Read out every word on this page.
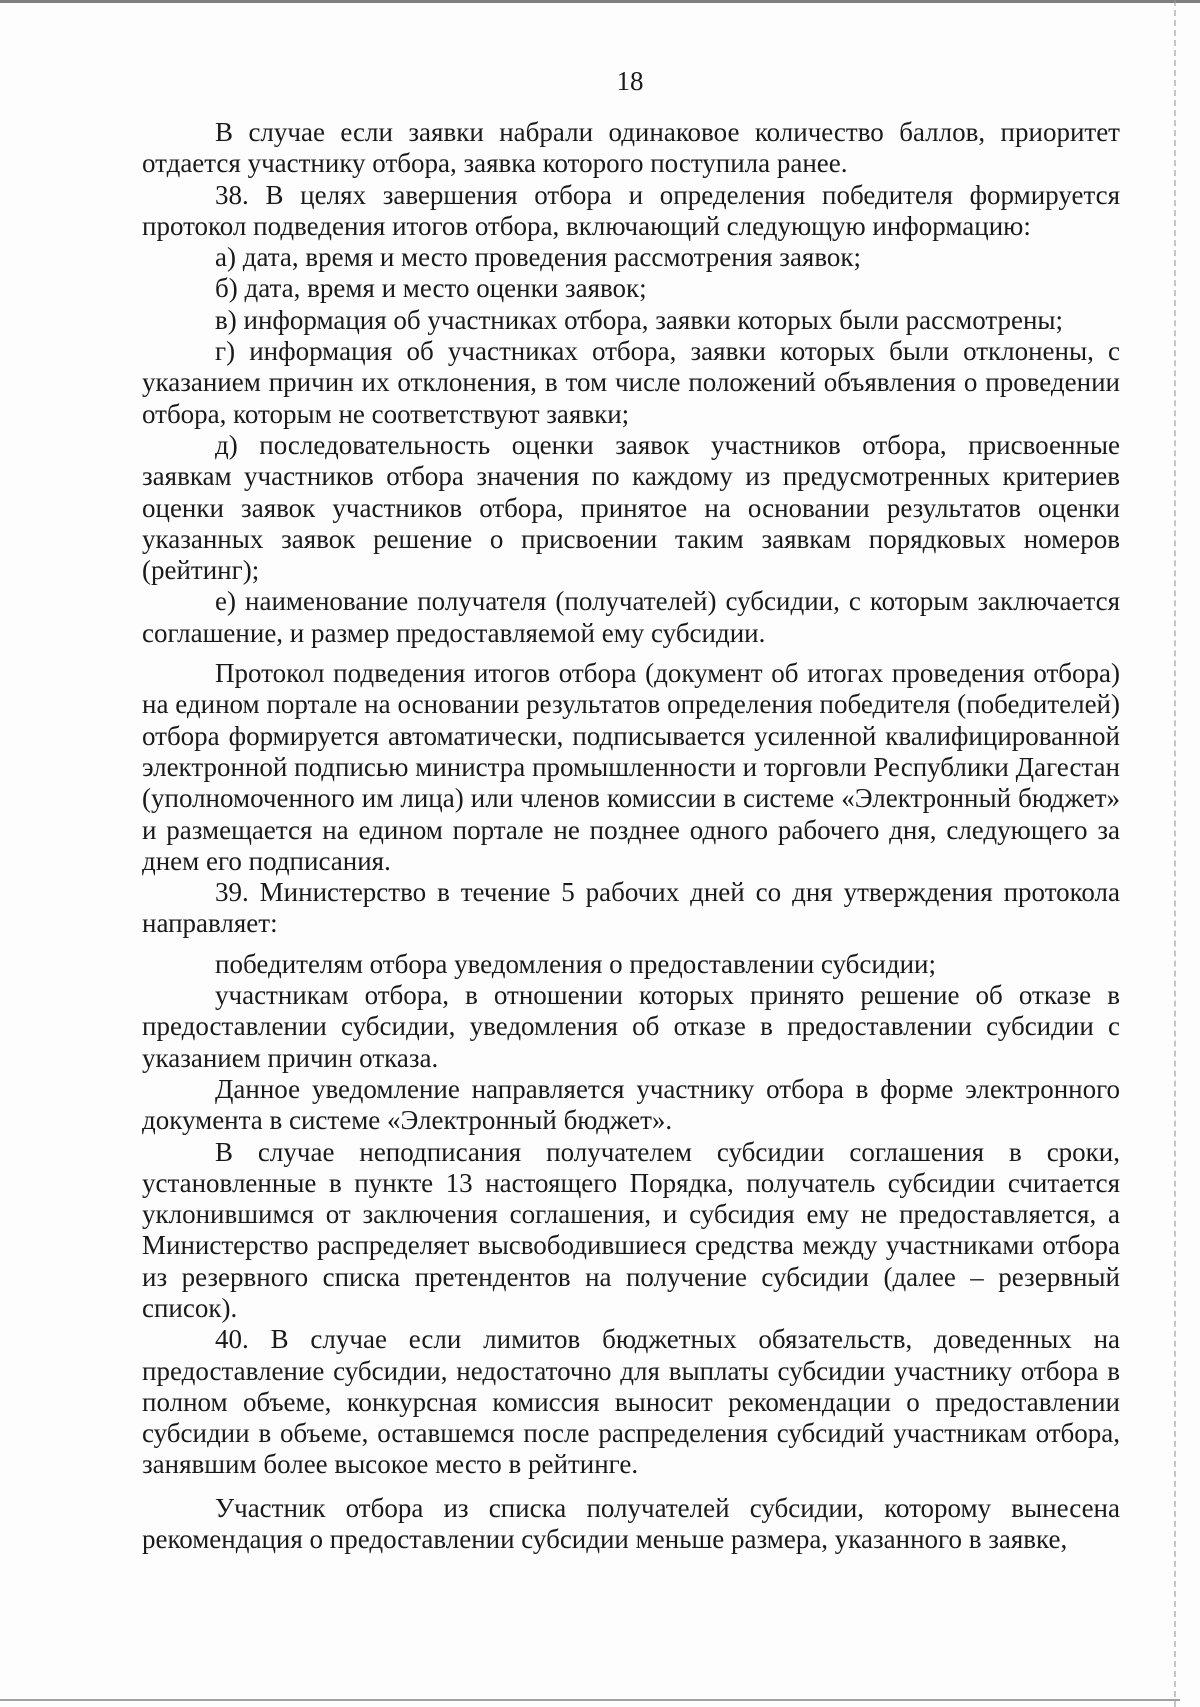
18

В случае если заявки набрали одинаковое количество баллов, приоритет отдается участнику отбора, заявка которого поступила ранее.

38. В целях завершения отбора и определения победителя формируется протокол подведения итогов отбора, включающий следующую информацию:

а) дата, время и место проведения рассмотрения заявок;

б) дата, время и место оценки заявок;

в) информация об участниках отбора, заявки которых были рассмотрены;

г) информация об участниках отбора, заявки которых были отклонены, с указанием причин их отклонения, в том числе положений объявления о проведении отбора, которым не соответствуют заявки;

д) последовательность оценки заявок участников отбора, присвоенные заявкам участников отбора значения по каждому из предусмотренных критериев оценки заявок участников отбора, принятое на основании результатов оценки указанных заявок решение о присвоении таким заявкам порядковых номеров (рейтинг);

е) наименование получателя (получателей) субсидии, с которым заключается соглашение, и размер предоставляемой ему субсидии.

Протокол подведения итогов отбора (документ об итогах проведения отбора) на едином портале на основании результатов определения победителя (победителей) отбора формируется автоматически, подписывается усиленной квалифицированной электронной подписью министра промышленности и торговли Республики Дагестан (уполномоченного им лица) или членов комиссии в системе «Электронный бюджет» и размещается на едином портале не позднее одного рабочего дня, следующего за днем его подписания.

39. Министерство в течение 5 рабочих дней со дня утверждения протокола направляет:

победителям отбора уведомления о предоставлении субсидии;

участникам отбора, в отношении которых принято решение об отказе в предоставлении субсидии, уведомления об отказе в предоставлении субсидии с указанием причин отказа.

Данное уведомление направляется участнику отбора в форме электронного документа в системе «Электронный бюджет».

В случае неподписания получателем субсидии соглашения в сроки, установленные в пункте 13 настоящего Порядка, получатель субсидии считается уклонившимся от заключения соглашения, и субсидия ему не предоставляется, а Министерство распределяет высвободившиеся средства между участниками отбора из резервного списка претендентов на получение субсидии (далее – резервный список).

40. В случае если лимитов бюджетных обязательств, доведенных на предоставление субсидии, недостаточно для выплаты субсидии участнику отбора в полном объеме, конкурсная комиссия выносит рекомендации о предоставлении субсидии в объеме, оставшемся после распределения субсидий участникам отбора, занявшим более высокое место в рейтинге.

Участник отбора из списка получателей субсидии, которому вынесена рекомендация о предоставлении субсидии меньше размера, указанного в заявке,
